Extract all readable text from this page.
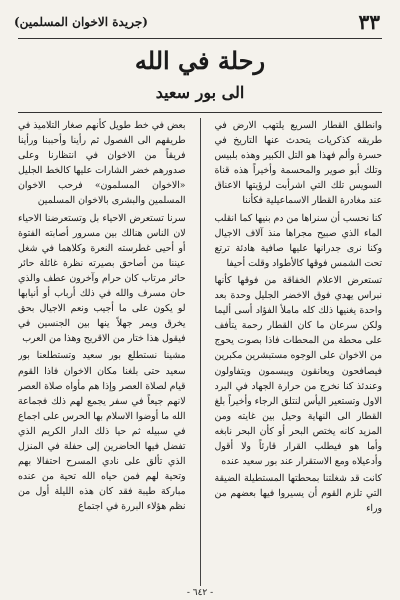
٣٣
(جريدة الاخوان المسلمين)
رحلة في الله
الى بور سعيد

وانطلق القطار السريع يلتهب الارض في طريقه كذكريات يتحدث عنها التاريخ في حسرة وألم فهذا هو التل الكبير وهذه بلبيس وتلك أبو صوير والمحسمة وأخيراً هذه قناة السويس تلك التي اشرأبت لرؤيتها الاعناق عند مغادرة القطار الاسماعيلية فكأننا

كنا نحسب أن سنراها من دم بنيها كما انقلب الماء الذي صبيح مجراها منذ آلاف الاجيال وكنا نرى جدرانها عليها صافية هادئة ترتع تحت الشمس فوقها كالأطواد وقلت أحيفا

تستعرض الاعلام الخفاقة من فوقها كأنها نبراس يهدي فوق الاخضر الجليل وحدة بعد واحدة يغنيها ذلك كله ماملأ الفؤاد أسى أليما ولكن سرعان ما كان القطار رحمة يتأفف على محطة من المحطات فاذا بصوت يحوج من الاخوان على الوجوه مستبشرين مكبرين فيصافحون ويعانقون ويبسمون ويتفاولون وعندئذ كنا نخرج من حرارة الجهاد في البرد الاول وتستعير اليأس لنتلق الرجاء وأخيراً بلغ القطار الى النهاية وحيل بين غايته ومن المزيد كانه يختص البحر أو كأن البحر نابغه وأما هو فيطلب القرار قارئاً ولا أقول وأدعيلاه ومع الاستقرار عند بور سعيد عنده

كانت قد شغلتنا بمحطتها المستطيلة الضيقة التي تلزم القوم أن يسيروا فيها بعضهم من وراء

بعض في خط طويل كأنهم صغار التلاميذ في طريقهم الى الفصول ثم رأينا وأحببنا ورأينا فريقاً من الاخوان في انتظارنا وعلى صدورهم خضر الشارات عليها كالخط الجليل «الاخوان المسلمون» فرحب الاخوان المسلمين والبشرى بالاخوان المسلمين

سرنا تستعرض الاحياء بل وتستعرضنا الاحياء لان الناس هنالك بين مسرور أصابته الفتوة أو أحيى غطرسته النعرة وكلاهما في شغل عيننا من أصاحق بصيرته نظرة غائلة حائر حائر مرتاب كان حرام وآخرون عطف والذي حان مسرف والله في ذلك أرباب أو أنيابها لو يكون على ما أجيب ونعم الاجيال بحق يخرق ويمر جهلاً ينها بين الجنسين في فيقول هذا ختار من الاقريح وهذا من العرب

مشينا نستطلع بور سعيد وتستطلعنا بور سعيد حتى بلغنا مكان الاخوان فاذا القوم قيام لصلاة العصر وإذا هم مأواه صلاة العصر لانهم جيعاً في سفر يجمع لهم ذلك فجماعة الله ما أوضوا الاسلام بها الحرس على اجماع في سبيله ثم حيا ذلك الدار الكريم الذي تفضل فيها الحاضرين إلى حفلة في المنزل الذي تألق على نادي المسرح احتفالا بهم وتحية لهم فمن حياه الله تحية من عنده مباركة طيبة فقد كان هذه الليلة أول من نظم هؤلاء البررة في اجتماع

- ٦٤٢ -
